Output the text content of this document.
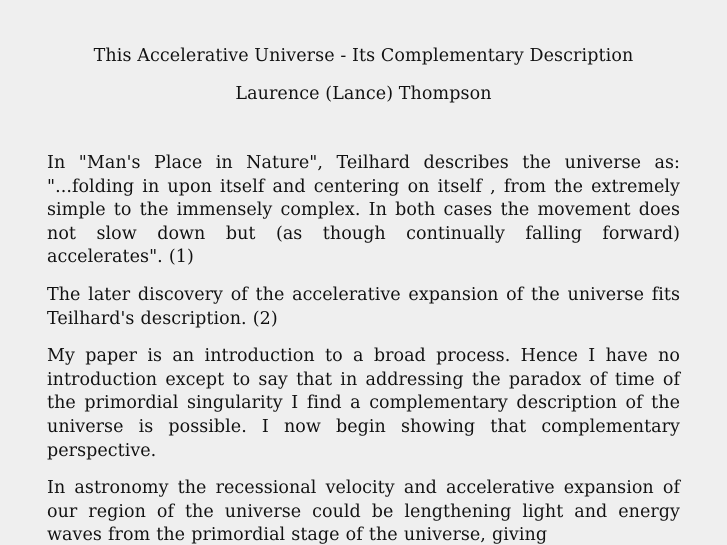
This Accelerative Universe - Its Complementary Description
Laurence (Lance) Thompson

In "Man's Place in Nature", Teilhard describes the universe as: "...folding in upon itself and centering on itself , from the extremely simple to the immensely complex. In both cases the movement does not slow down but (as though continually falling forward) accelerates". (1)

The later discovery of the accelerative expansion of the universe fits Teilhard's description. (2)

My paper is an introduction to a broad process. Hence I have no introduction except to say that in addressing the paradox of time of the primordial singularity I find a complementary description of the universe is possible. I now begin showing that complementary perspective.

In astronomy the recessional velocity and accelerative expansion of our region of the universe could be lengthening light and energy waves from the primordial stage of the universe, giving
